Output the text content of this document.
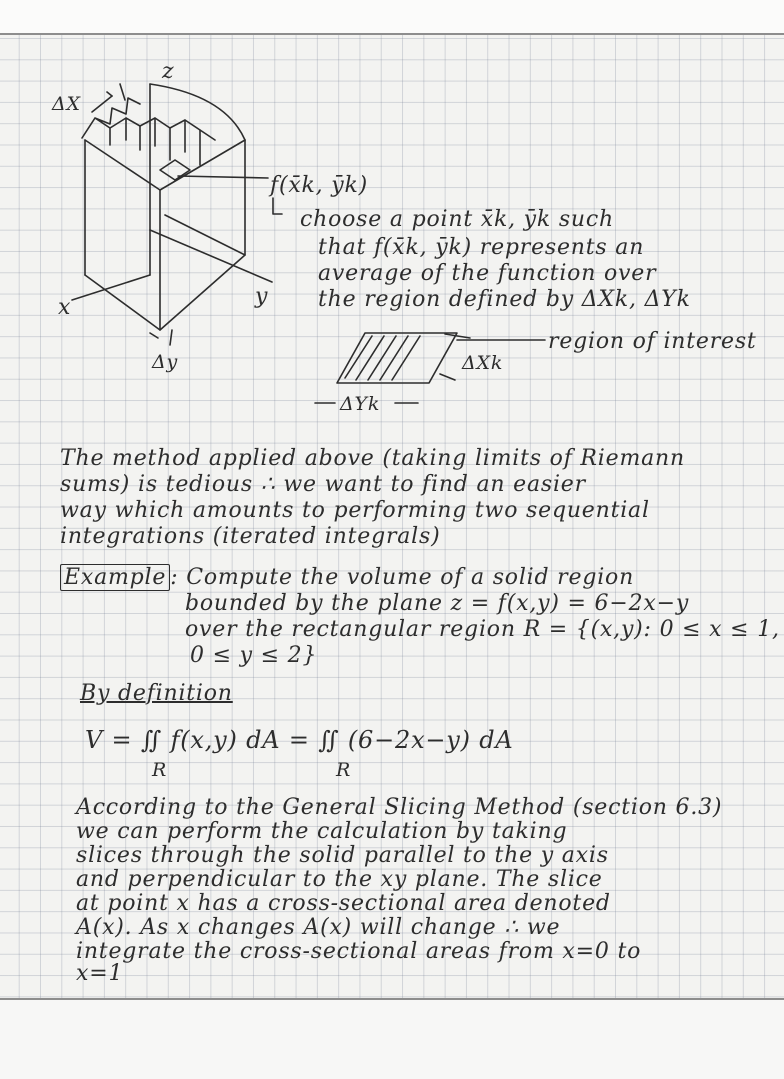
z
ΔX
x	y
Δy
f(x̄k, ȳk)
choose a point x̄k, ȳk such
that f(x̄k, ȳk) represents an
average of the function over
the region defined by ΔXk, ΔYk
region of interest
ΔXk
ΔYk
The method applied above (taking limits of Riemann
sums) is tedious ∴ we want to find an easier
way which amounts to performing two sequential
integrations (iterated integrals)
Example : Compute the volume of a solid region
bounded by the plane z = f(x,y) = 6−2x−y
over the rectangular region R = {(x,y): 0 ≤ x ≤ 1,
0 ≤ y ≤ 2}
By definition
V = ∬ f(x,y) dA = ∬ (6−2x−y) dA
R	R
According to the General Slicing Method (section 6.3)
we can perform the calculation by taking
slices through the solid parallel to the y axis
and perpendicular to the xy plane. The slice
at point x has a cross-sectional area denoted
A(x). As x changes A(x) will change ∴ we
integrate the cross-sectional areas from x=0 to
x=1
